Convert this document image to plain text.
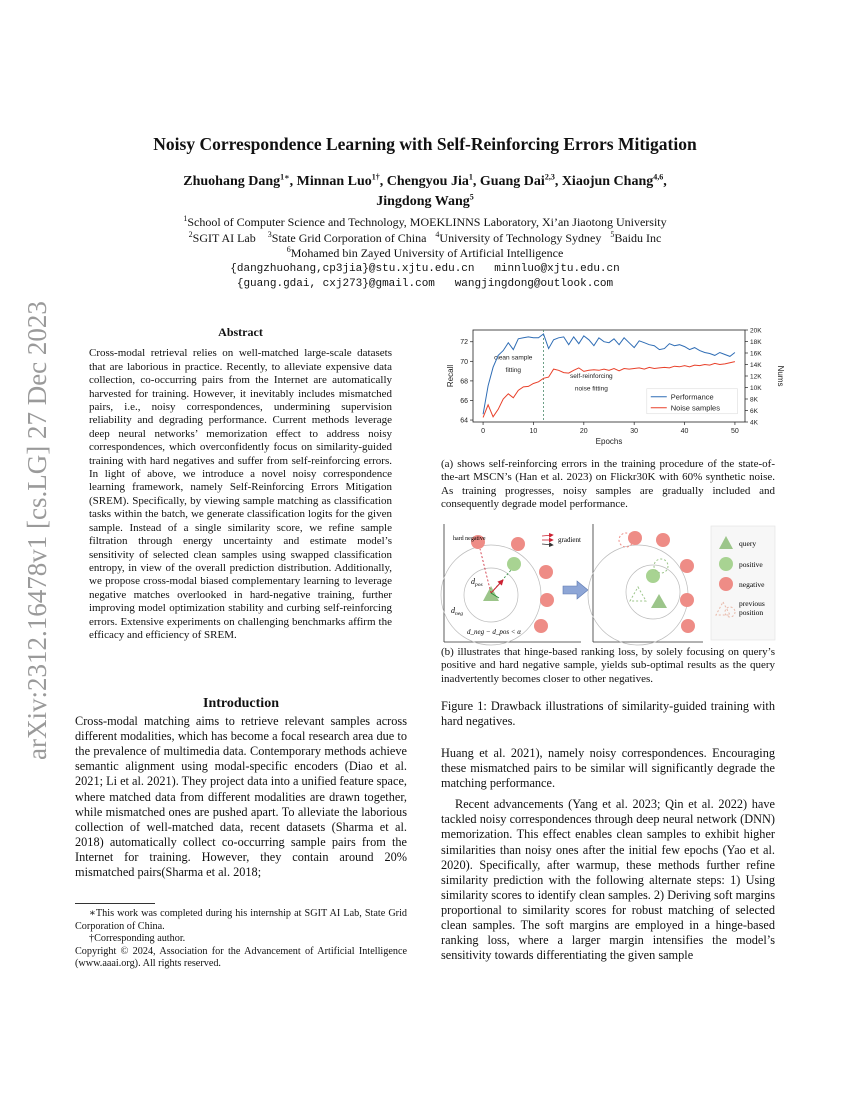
arXiv:2312.16478v1 [cs.LG] 27 Dec 2023
Noisy Correspondence Learning with Self-Reinforcing Errors Mitigation
Zhuohang Dang$^{1∗}$, Minnan Luo$^{1\dagger}$, Chengyou Jia$^1$, Guang Dai$^{2,3}$, Xiaojun Chang$^{4,6}$,
Jingdong Wang$^5$
$^1$School of Computer Science and Technology, MOEKLINNS Laboratory, Xi’an Jiaotong University
$^2$SGIT AI Lab $^3$State Grid Corporation of China $^4$University of Technology Sydney $^5$Baidu Inc
$^6$Mohamed bin Zayed University of Artificial Intelligence
{dangzhuohang,cp3jia}@stu.xjtu.edu.cn   minnluo@xjtu.edu.cn
{guang.gdai, cxj273}@gmail.com   wangjingdong@outlook.com
Abstract
Cross-modal retrieval relies on well-matched large-scale datasets that are laborious in practice. Recently, to alleviate expensive data collection, co-occurring pairs from the Internet are automatically harvested for training. However, it inevitably includes mismatched pairs, i.e., noisy correspondences, undermining supervision reliability and degrading performance. Current methods leverage deep neural networks’ memorization effect to address noisy correspondences, which overconfidently focus on similarity-guided training with hard negatives and suffer from self-reinforcing errors. In light of above, we introduce a novel noisy correspondence learning framework, namely Self-Reinforcing Errors Mitigation (SREM). Specifically, by viewing sample matching as classification tasks within the batch, we generate classification logits for the given sample. Instead of a single similarity score, we refine sample filtration through energy uncertainty and estimate model’s sensitivity of selected clean samples using swapped classification entropy, in view of the overall prediction distribution. Additionally, we propose cross-modal biased complementary learning to leverage negative matches overlooked in hard-negative training, further improving model optimization stability and curbing self-reinforcing errors. Extensive experiments on challenging benchmarks affirm the efficacy and efficiency of SREM.
Introduction
Cross-modal matching aims to retrieve relevant samples across different modalities, which has become a focal research area due to the prevalence of multimedia data. Contemporary methods achieve semantic alignment using modal-specific encoders (Diao et al. 2021; Li et al. 2021). They project data into a unified feature space, where matched data from different modalities are drawn together, while mismatched ones are pushed apart. To alleviate the laborious collection of well-matched data, recent datasets (Sharma et al. 2018) automatically collect co-occurring sample pairs from the Internet for training. However, they contain around 20% mismatched pairs(Sharma et al. 2018;
∗This work was completed during his internship at SGIT AI Lab, State Grid Corporation of China.
†Corresponding author.
Copyright © 2024, Association for the Advancement of Artificial Intelligence (www.aaai.org). All rights reserved.
0	10	20	30	40	50
64
66
68
70
72
4K
6K
8K
10K
12K
14K
16K
18K
20K
Epochs
Recall	Nums
clean sample
fitting
self-reinforcing
noise fitting
Performance
Noise samples
(a) shows self-reinforcing errors in the training procedure of the state-of-the-art MSCN’s (Han et al. 2023) on Flickr30K with 60% synthetic noise. As training progresses, noisy samples are gradually included and consequently degrade model performance.
hard negative
$d_{pos}$
$d_{neg}$
d_neg − d_pos < α
gradient	query
positive
negative
previous position
(b) illustrates that hinge-based ranking loss, by solely focusing on query’s positive and hard negative sample, yields sub-optimal results as the query inadvertently becomes closer to other negatives.
Figure 1: Drawback illustrations of similarity-guided training with hard negatives.
Huang et al. 2021), namely noisy correspondences. Encouraging these mismatched pairs to be similar will significantly degrade the matching performance.
Recent advancements (Yang et al. 2023; Qin et al. 2022) have tackled noisy correspondences through deep neural network (DNN) memorization. This effect enables clean samples to exhibit higher similarities than noisy ones after the initial few epochs (Yao et al. 2020). Specifically, after warmup, these methods further refine similarity prediction with the following alternate steps: 1) Using similarity scores to identify clean samples. 2) Deriving soft margins proportional to similarity scores for robust matching of selected clean samples. The soft margins are employed in a hinge-based ranking loss, where a larger margin intensifies the model’s sensitivity towards differentiating the given sample
